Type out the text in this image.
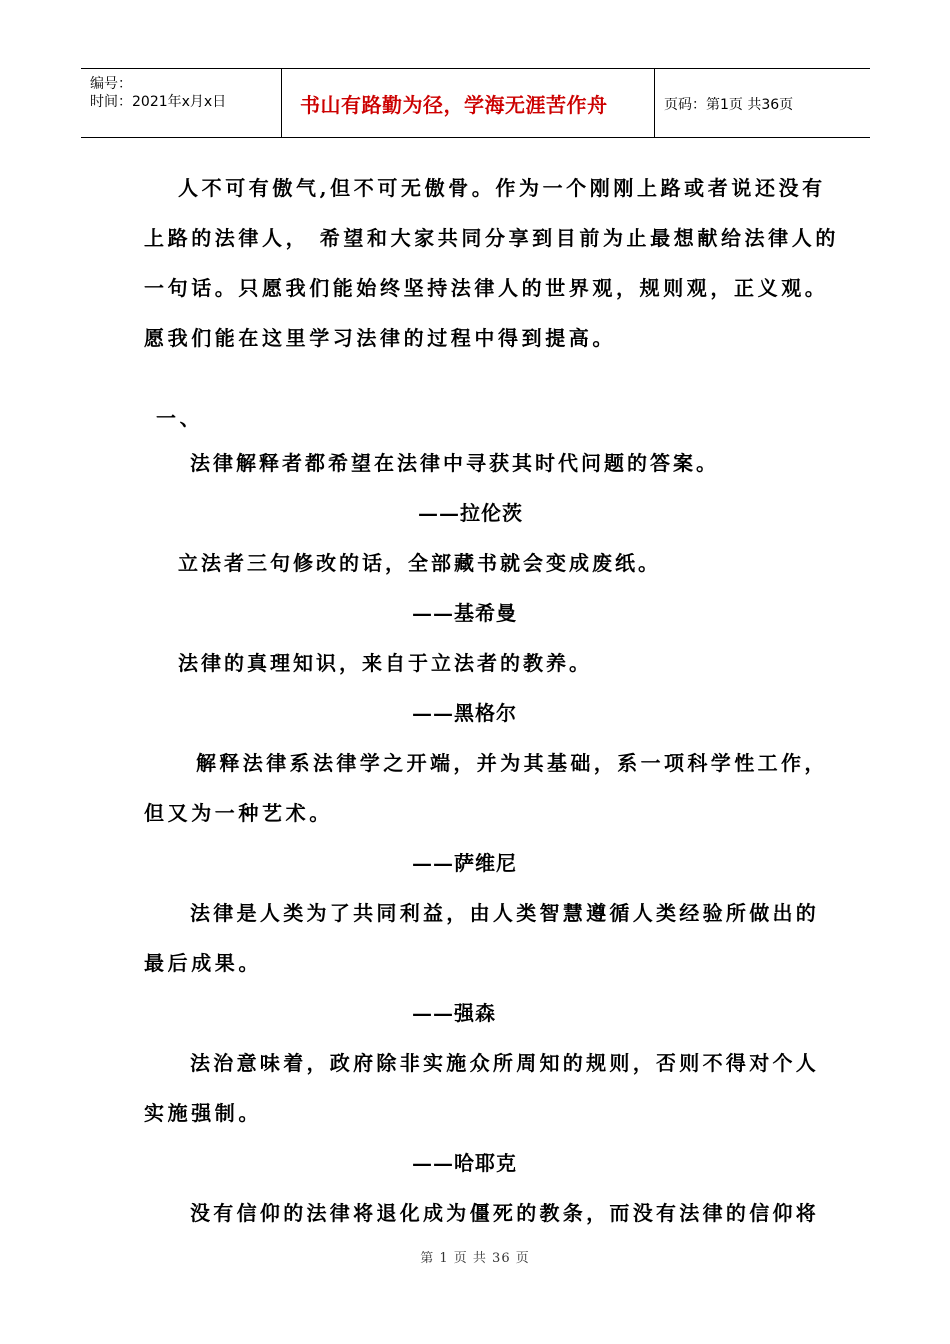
编号：
时间：2021年x月x日	书山有路勤为径，学海无涯苦作舟	页码：第1页 共36页
人不可有傲气,但不可无傲骨。作为一个刚刚上路或者说还没有
上路的法律人， 希望和大家共同分享到目前为止最想献给法律人的
一句话。只愿我们能始终坚持法律人的世界观，规则观，正义观。
愿我们能在这里学习法律的过程中得到提高。
一、
法律解释者都希望在法律中寻获其时代问题的答案。
——拉伦茨
立法者三句修改的话，全部藏书就会变成废纸。
——基希曼
法律的真理知识，来自于立法者的教养。
——黑格尔
解释法律系法律学之开端，并为其基础，系一项科学性工作，
但又为一种艺术。
——萨维尼
法律是人类为了共同利益，由人类智慧遵循人类经验所做出的
最后成果。
——强森
法治意味着，政府除非实施众所周知的规则，否则不得对个人
实施强制。
——哈耶克
没有信仰的法律将退化成为僵死的教条，而没有法律的信仰将
第 1 页 共 36 页
